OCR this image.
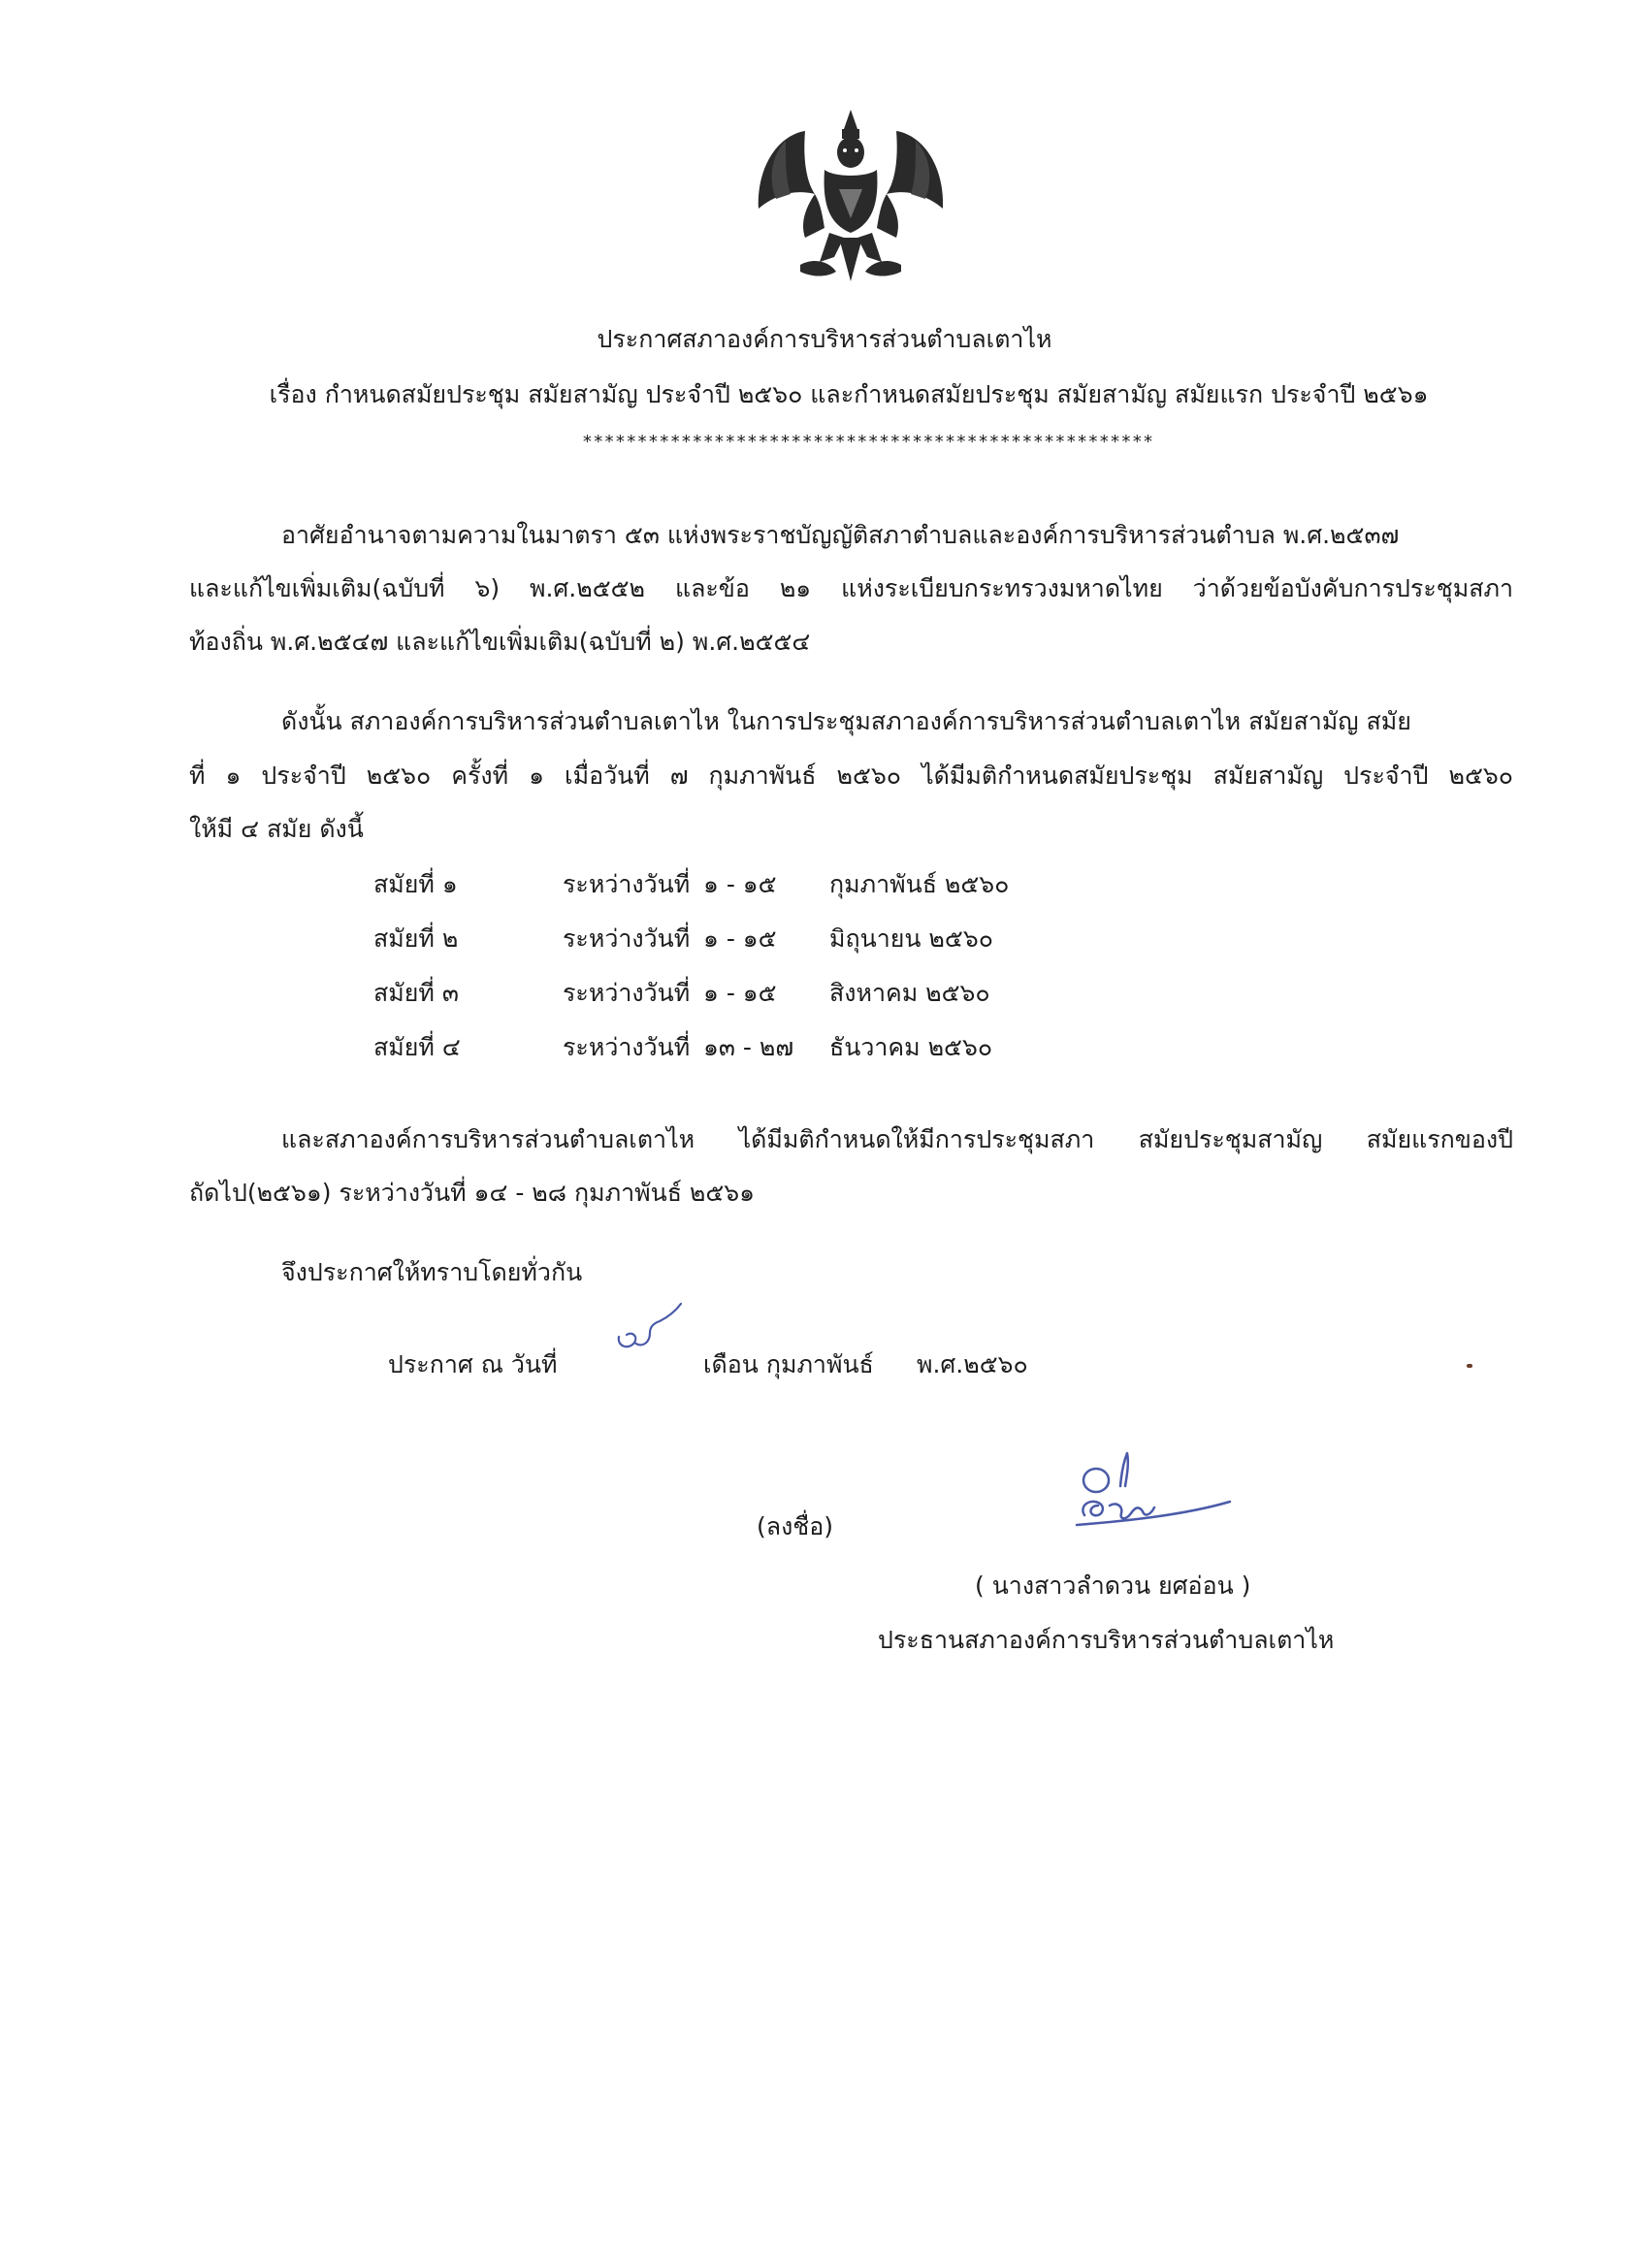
ประกาศสภาองค์การบริหารส่วนตำบลเตาไห
เรื่อง กำหนดสมัยประชุม สมัยสามัญ ประจำปี ๒๕๖๐ และกำหนดสมัยประชุม สมัยสามัญ สมัยแรก ประจำปี ๒๕๖๑
****************************************************
อาศัยอำนาจตามความในมาตรา ๕๓ แห่งพระราชบัญญัติสภาตำบลและองค์การบริหารส่วนตำบล พ.ศ.๒๕๓๗
และแก้ไขเพิ่มเติม(ฉบับที่ ๖) พ.ศ.๒๕๕๒ และข้อ ๒๑ แห่งระเบียบกระทรวงมหาดไทย ว่าด้วยข้อบังคับการประชุมสภา
ท้องถิ่น พ.ศ.๒๕๔๗ และแก้ไขเพิ่มเติม(ฉบับที่ ๒) พ.ศ.๒๕๕๔
ดังนั้น สภาองค์การบริหารส่วนตำบลเตาไห ในการประชุมสภาองค์การบริหารส่วนตำบลเตาไห สมัยสามัญ สมัย
ที่ ๑ ประจำปี ๒๕๖๐ ครั้งที่ ๑ เมื่อวันที่ ๗ กุมภาพันธ์ ๒๕๖๐ ได้มีมติกำหนดสมัยประชุม สมัยสามัญ ประจำปี ๒๕๖๐
ให้มี ๔ สมัย ดังนี้
สมัยที่ ๑	ระหว่างวันที่ ๑ - ๑๕ กุมภาพันธ์ ๒๕๖๐
สมัยที่ ๒	ระหว่างวันที่ ๑ - ๑๕ มิถุนายน ๒๕๖๐
สมัยที่ ๓	ระหว่างวันที่ ๑ - ๑๕ สิงหาคม ๒๕๖๐
สมัยที่ ๔	ระหว่างวันที่ ๑๓ - ๒๗ ธันวาคม ๒๕๖๐
และสภาองค์การบริหารส่วนตำบลเตาไห ได้มีมติกำหนดให้มีการประชุมสภา สมัยประชุมสามัญ สมัยแรกของปี
ถัดไป(๒๕๖๑) ระหว่างวันที่ ๑๔ - ๒๘ กุมภาพันธ์ ๒๕๖๑
จึงประกาศให้ทราบโดยทั่วกัน
ประกาศ ณ วันที่	เดือน กุมภาพันธ์ พ.ศ.๒๕๖๐
(ลงชื่อ)
( นางสาวลำดวน ยศอ่อน )
ประธานสภาองค์การบริหารส่วนตำบลเตาไห
